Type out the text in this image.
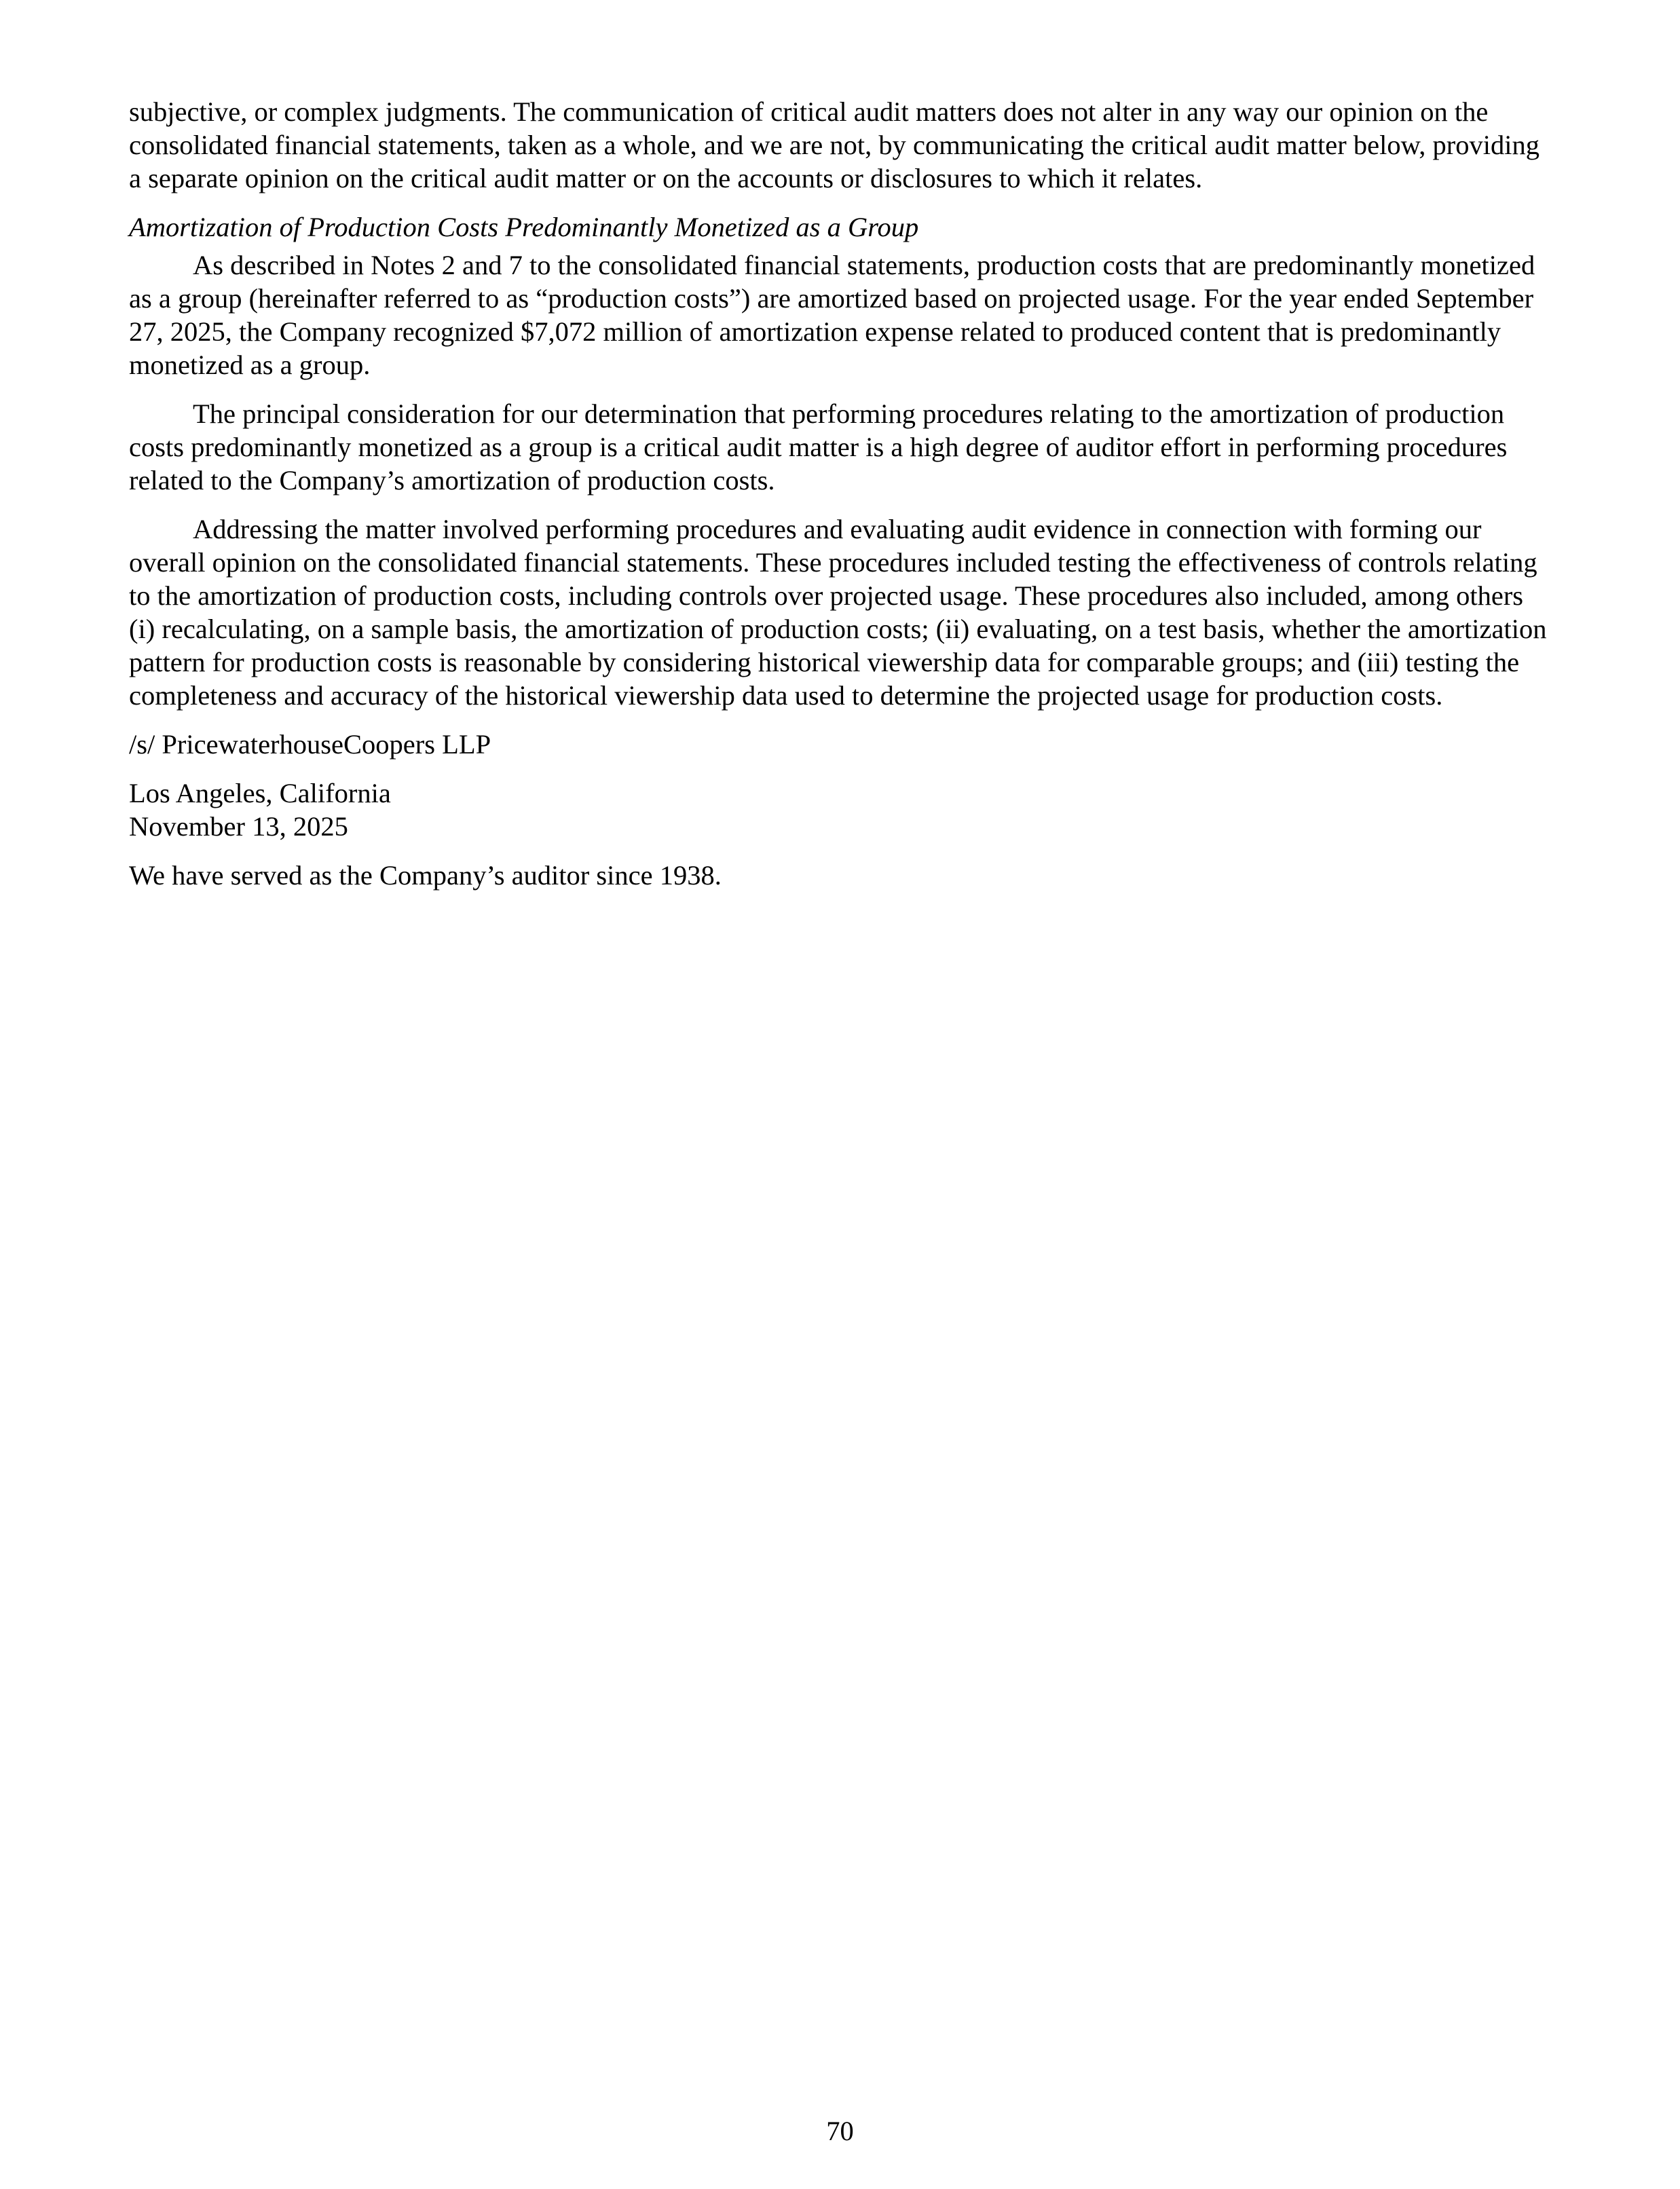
subjective, or complex judgments. The communication of critical audit matters does not alter in any way our opinion on the consolidated financial statements, taken as a whole, and we are not, by communicating the critical audit matter below, providing a separate opinion on the critical audit matter or on the accounts or disclosures to which it relates.

Amortization of Production Costs Predominantly Monetized as a Group

As described in Notes 2 and 7 to the consolidated financial statements, production costs that are predominantly monetized as a group (hereinafter referred to as “production costs”) are amortized based on projected usage. For the year ended September 27, 2025, the Company recognized $7,072 million of amortization expense related to produced content that is predominantly monetized as a group.

The principal consideration for our determination that performing procedures relating to the amortization of production costs predominantly monetized as a group is a critical audit matter is a high degree of auditor effort in performing procedures related to the Company’s amortization of production costs.

Addressing the matter involved performing procedures and evaluating audit evidence in connection with forming our overall opinion on the consolidated financial statements. These procedures included testing the effectiveness of controls relating to the amortization of production costs, including controls over projected usage. These procedures also included, among others (i) recalculating, on a sample basis, the amortization of production costs; (ii) evaluating, on a test basis, whether the amortization pattern for production costs is reasonable by considering historical viewership data for comparable groups; and (iii) testing the completeness and accuracy of the historical viewership data used to determine the projected usage for production costs.

/s/ PricewaterhouseCoopers LLP

Los Angeles, California
November 13, 2025

We have served as the Company’s auditor since 1938.

70
